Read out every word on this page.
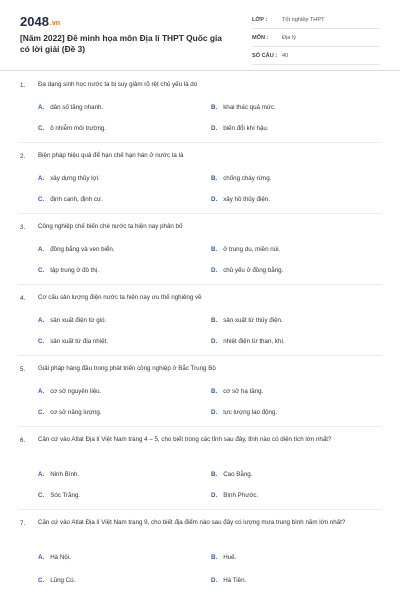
2048.vn
[Năm 2022] Đề minh họa môn Địa lí THPT Quốc gia có lời giải (Đề 3)
LỚP :	Tốt nghiệp THPT
MÔN : Địa lý
SỐ CÂU : 40
1. Đa dạng sinh học nước ta bị suy giảm rõ rệt chủ yếu là do
A. dân số tăng nhanh.	B. khai thác quá mức.
C. ô nhiễm môi trường.	D. biến đổi khí hậu.
2. Biện pháp hiệu quả để hạn chế hạn hán ở nước ta là
A. xây dựng thủy lợi.	B. chống cháy rừng.
C. định canh, định cư.	D. xây hồ thủy điện.
3. Công nghiệp chế biến chè nước ta hiện nay phân bố
A. đồng bằng và ven biển.	B. ở trung du, miền núi.
C. tập trung ở đô thị.	D. chủ yếu ở đồng bằng.
4. Cơ cấu sản lượng điện nước ta hiện nay ưu thế nghiêng về
A. sản xuất điện từ gió.	B. sản xuất từ thủy điện.
C. sản xuất từ địa nhiệt.	D. nhiệt điện từ than, khí.
5. Giải pháp hàng đầu trong phát triển công nghiệp ở Bắc Trung Bộ
A. cơ sở nguyên liệu.	B. cơ sở hạ tầng.
C. cơ sở năng lượng.	D. lực lượng lao động.
6. Căn cứ vào Atlat Địa lí Việt Nam trang 4 – 5, cho biết trong các tỉnh sau đây, tỉnh nào có diện tích lớn nhất?
A. Ninh Bình.	B. Cao Bằng.
C. Sóc Trăng.	D. Bình Phước.
7. Căn cứ vào Atlat Địa lí Việt Nam trang 9, cho biết địa điểm nào sau đây có lượng mưa trung bình năm lớn nhất?
A. Hà Nội.	B. Huế.
C. Lũng Cú.	D. Hà Tiên.
